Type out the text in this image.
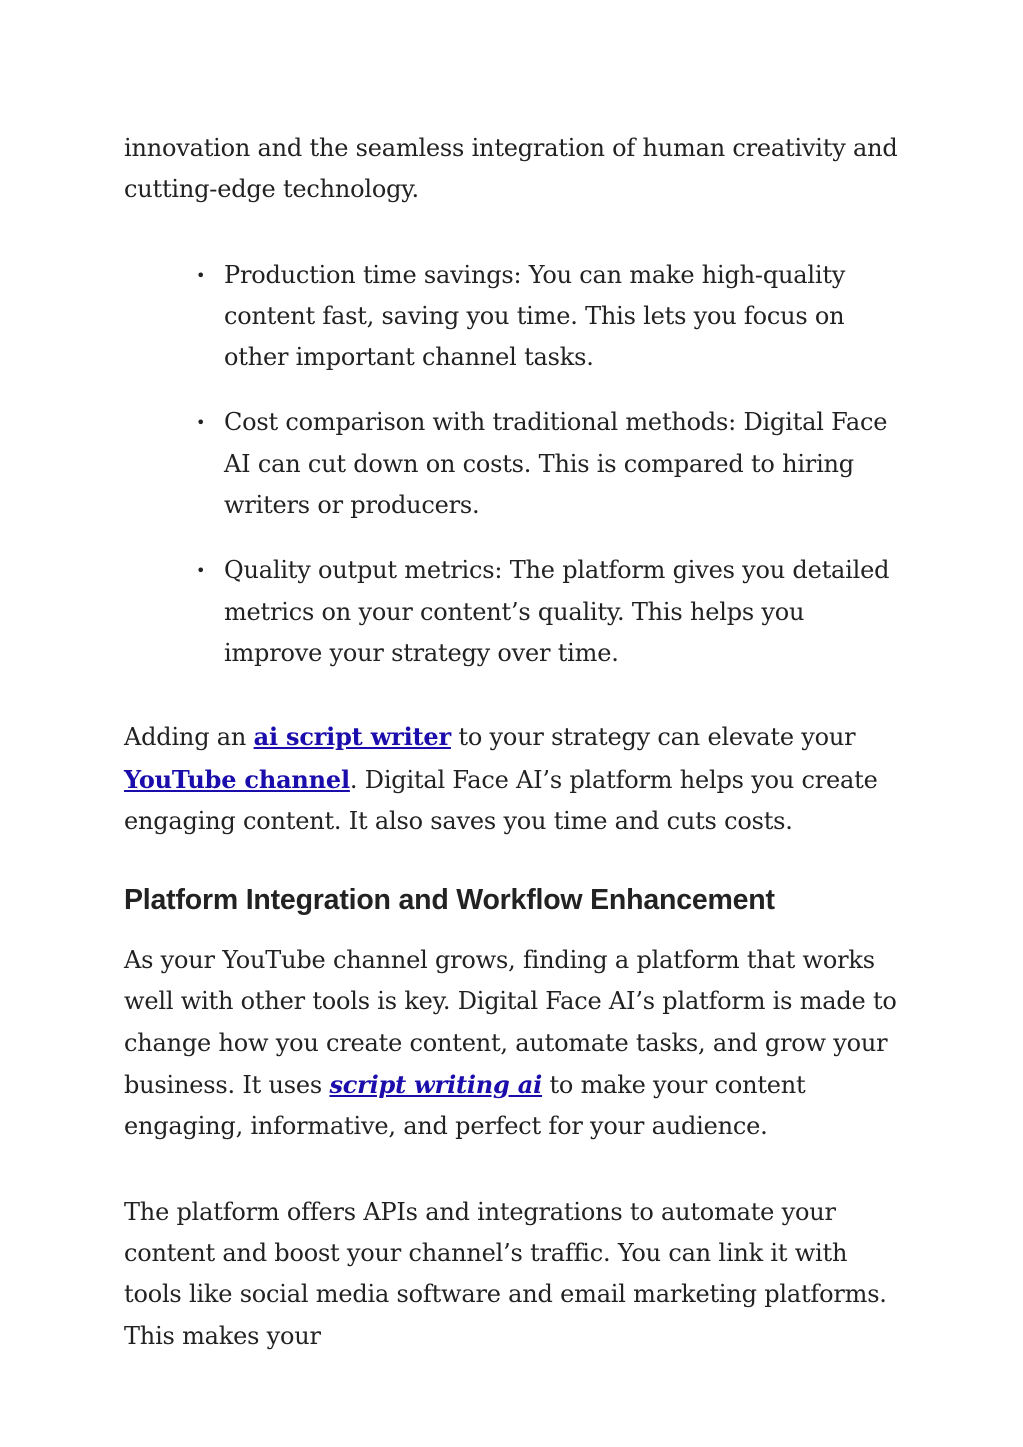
innovation and the seamless integration of human creativity and cutting-edge technology.

• Production time savings: You can make high-quality content fast, saving you time. This lets you focus on other important channel tasks.
• Cost comparison with traditional methods: Digital Face AI can cut down on costs. This is compared to hiring writers or producers.
• Quality output metrics: The platform gives you detailed metrics on your content’s quality. This helps you improve your strategy over time.

Adding an ai script writer to your strategy can elevate your YouTube channel. Digital Face AI’s platform helps you create engaging content. It also saves you time and cuts costs.

Platform Integration and Workflow Enhancement

As your YouTube channel grows, finding a platform that works well with other tools is key. Digital Face AI’s platform is made to change how you create content, automate tasks, and grow your business. It uses script writing ai to make your content engaging, informative, and perfect for your audience.

The platform offers APIs and integrations to automate your content and boost your channel’s traffic. You can link it with tools like social media software and email marketing platforms. This makes your
